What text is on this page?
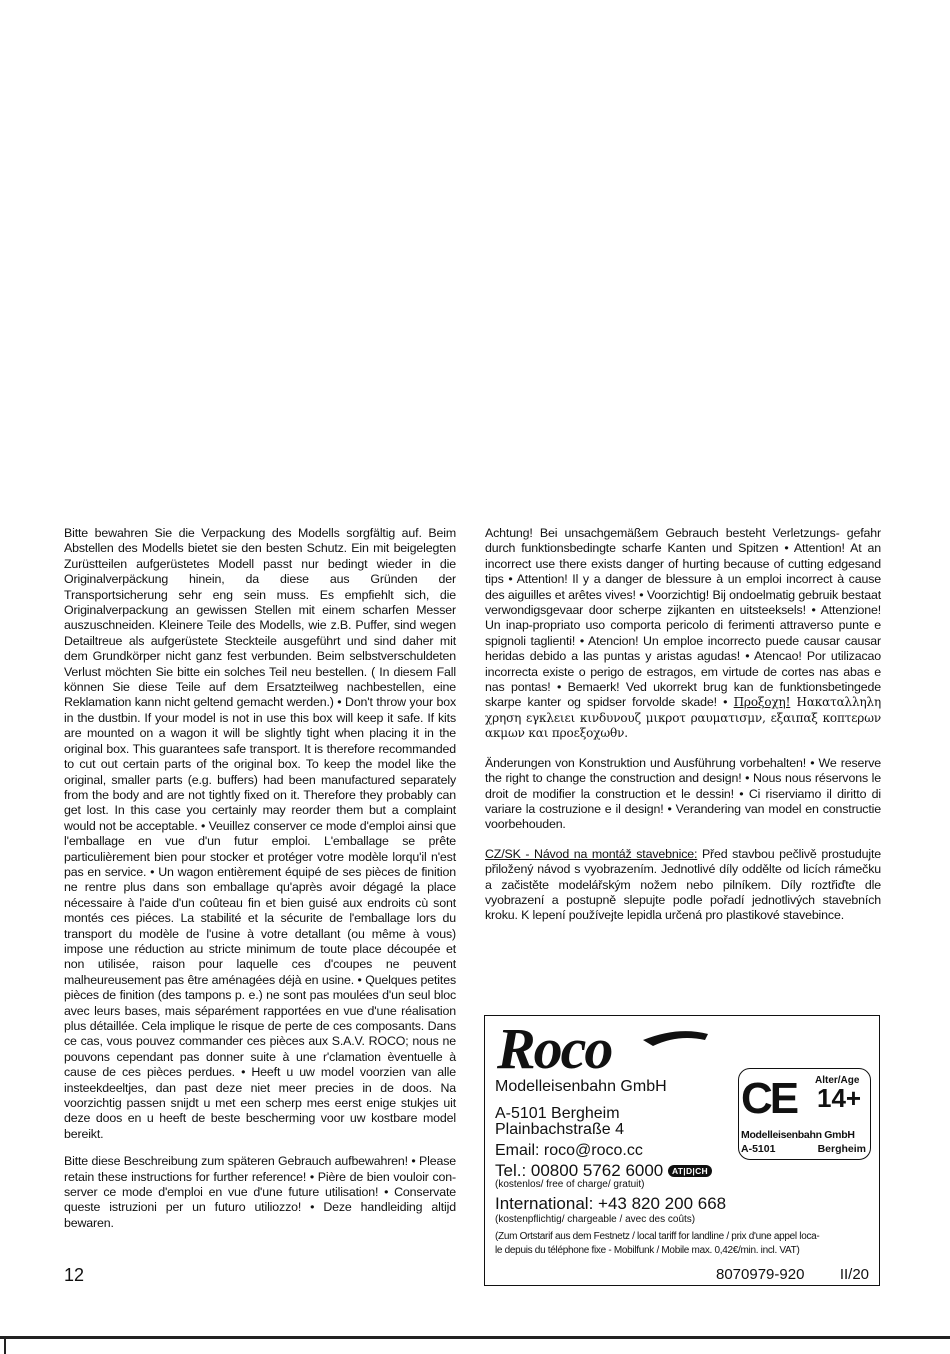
Bitte bewahren Sie die Verpackung des Modells sorgfältig auf. Beim Abstellen des Modells bietet sie den besten Schutz. Ein mit beigelegten Zurüstteilen aufgerüstetes Modell passt nur bedingt wieder in die Originalverpäckung hinein, da diese aus Gründen der Transportsicherung sehr eng sein muss. Es empfiehlt sich, die Originalverpackung an gewissen Stellen mit einem scharfen Messer auszuschneiden. Kleinere Teile des Modells, wie z.B. Puffer, sind wegen Detailtreue als aufgerüstete Steckteile ausgeführt und sind daher mit dem Grundkörper nicht ganz fest verbunden. Beim selbstverschuldeten Verlust möchten Sie bitte ein solches Teil neu bestellen. ( In diesem Fall können Sie diese Teile auf dem Ersatzteilweg nachbestellen, eine Reklamation kann nicht geltend gemacht werden.) • Don't throw your box in the dustbin. If your model is not in use this box will keep it safe. If kits are mounted on a wagon it will be slightly tight when placing it in the original box. This guarantees safe transport. It is therefore recommanded to cut out certain parts of the original box. To keep the model like the original, smaller parts (e.g. buffers) had been manufactured separately from the body and are not tightly fixed on it. Therefore they probably can get lost. In this case you certainly may reorder them but a complaint would not be acceptable. • Veuillez conserver ce mode d'emploi ainsi que l'emballage en vue d'un futur emploi. L'emballage se prête particulièrement bien pour stocker et protéger votre modèle lorqu'il n'est pas en service. • Un wagon entièrement équipé de ses pièces de finition ne rentre plus dans son emballage qu'après avoir dégagé la place nécessaire à l'aide d'un coûteau fin et bien guisé aux endroits cù sont montés ces piéces. La stabilité et la sécurite de l'emballage lors du transport du modèle de l'usine à votre detallant (ou même à vous) impose une réduction au stricte minimum de toute place découpée et non utilisée, raison pour laquelle ces d'coupes ne peuvent malheureusement pas être aménagées déjà en usine. • Quelques petites pièces de finition (des tampons p. e.) ne sont pas moulées d'un seul bloc avec leurs bases, mais séparément rapportées en vue d'une réalisation plus détaillée. Cela implique le risque de perte de ces composants. Dans ce cas, vous pouvez commander ces pièces aux S.A.V. ROCO; nous ne pouvons cependant pas donner suite à une r'clamation èventuelle à cause de ces pièces perdues. • Heeft u uw model voorzien van alle insteekdeeltjes, dan past deze niet meer precies in de doos. Na voorzichtig passen snijdt u met een scherp mes eerst enige stukjes uit deze doos en u heeft de beste bescherming voor uw kostbare model bereikt.

Bitte diese Beschreibung zum späteren Gebrauch aufbewahren! • Please retain these instructions for further reference! • Pière de bien vouloir con- server ce mode d'emploi en vue d'une future utilisation! • Conservate queste istruzioni per un futuro utiliozzo! • Deze handleiding altijd bewaren.

12

Achtung! Bei unsachgemäßem Gebrauch besteht Verletzungs- gefahr durch funktionsbedingte scharfe Kanten und Spitzen • Attention! At an incorrect use there exists danger of hurting because of cutting edgesand tips • Attention! Il y a danger de blessure à un emploi incorrect à cause des aiguilles et arêtes vives! • Voorzichtig! Bij ondoelmatig gebruik bestaat verwondigsgevaar door scherpe zijkanten en uitsteeksels! • Attenzione! Un inap-propriato uso comporta pericolo di ferimenti attraverso punte e spignoli taglienti! • Atencion! Un emploe incorrecto puede causar causar heridas debido a las puntas y aristas agudas! • Atencao! Por utilizacao incorrecta existe o perigo de estragos, em virtude de cortes nas abas e nas pontas! • Bemaerk! Ved ukorrekt brug kan de funktionsbetingede skarpe kanter og spidser forvolde skade! • Προξοχη! Ηακαταλληλη χρηση εγκλειει κινδυνουζ μικροτ ραυματισμν, εξαιπαξ κοπτερων ακμων και προεξοχωθν.

Änderungen von Konstruktion und Ausführung vorbehalten! • We reserve the right to change the construction and design! • Nous nous réservons le droit de modifier la construction et le dessin! • Ci riserviamo il diritto di variare la costruzione e il design! • Verandering van model en constructie voorbehouden.

CZ/SK - Návod na montáž stavebnice: Před stavbou pečlivě prostudujte přiložený návod s vyobrazením. Jednotlivé díly oddělte od licích rámečku a začistěte modelářským nožem nebo pilníkem. Díly roztřiďte dle vyobrazení a postupně slepujte podle pořadí jednotlivých stavebních kroku. K lepení používejte lepidla určená pro plastikové stavebince.

Roco
Modelleisenbahn GmbH
A-5101 Bergheim
Plainbachstraße 4
Email: roco@roco.cc
Tel.: 00800 5762 6000 AT|D|CH
(kostenlos/ free of charge/ gratuit)
International: +43 820 200 668
(kostenpflichtig/ chargeable / avec des coûts)
(Zum Ortstarif aus dem Festnetz / local tariff for landline / prix d'une appel loca-
le depuis du téléphone fixe - Mobilfunk / Mobile max. 0,42€/min. incl. VAT)
8070979-920 II/20
CE Alter/Age
14+
Modelleisenbahn GmbH
A-5101	Bergheim
